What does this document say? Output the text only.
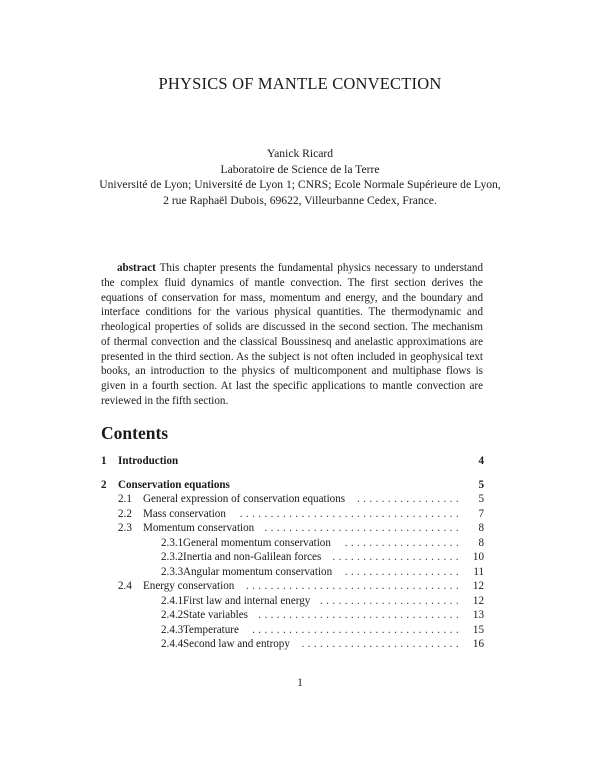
PHYSICS OF MANTLE CONVECTION
Yanick Ricard
Laboratoire de Science de la Terre
Université de Lyon; Université de Lyon 1; CNRS; Ecole Normale Supérieure de Lyon,
2 rue Raphaël Dubois, 69622, Villeurbanne Cedex, France.

abstract This chapter presents the fundamental physics necessary to understand the complex fluid dynamics of mantle convection. The first section derives the equations of conservation for mass, momentum and energy, and the boundary and interface conditions for the various physical quantities. The thermodynamic and rheological properties of solids are discussed in the second section. The mechanism of thermal convection and the classical Boussinesq and anelastic approximations are presented in the third section. As the subject is not often included in geophysical text books, an introduction to the physics of multicomponent and multiphase flows is given in a fourth section. At last the specific applications to mantle convection are reviewed in the fifth section.

Contents
1 Introduction	4
2 Conservation equations	5
2.1 General expression of conservation equations	................. 5
2.2 Mass conservation	.................................... 7
2.3 Momentum conservation ................................ 8
2.3.1 General momentum conservation	................... 8
2.3.2 Inertia and non-Galilean forces ..................... 10
2.3.3 Angular momentum conservation	................... 11
2.4 Energy conservation	................................... 12
2.4.1 First law and internal energy ....................... 12
2.4.2 State variables ................................. 13
2.4.3 Temperature	.................................. 15
2.4.4 Second law and entropy	.......................... 16
1
